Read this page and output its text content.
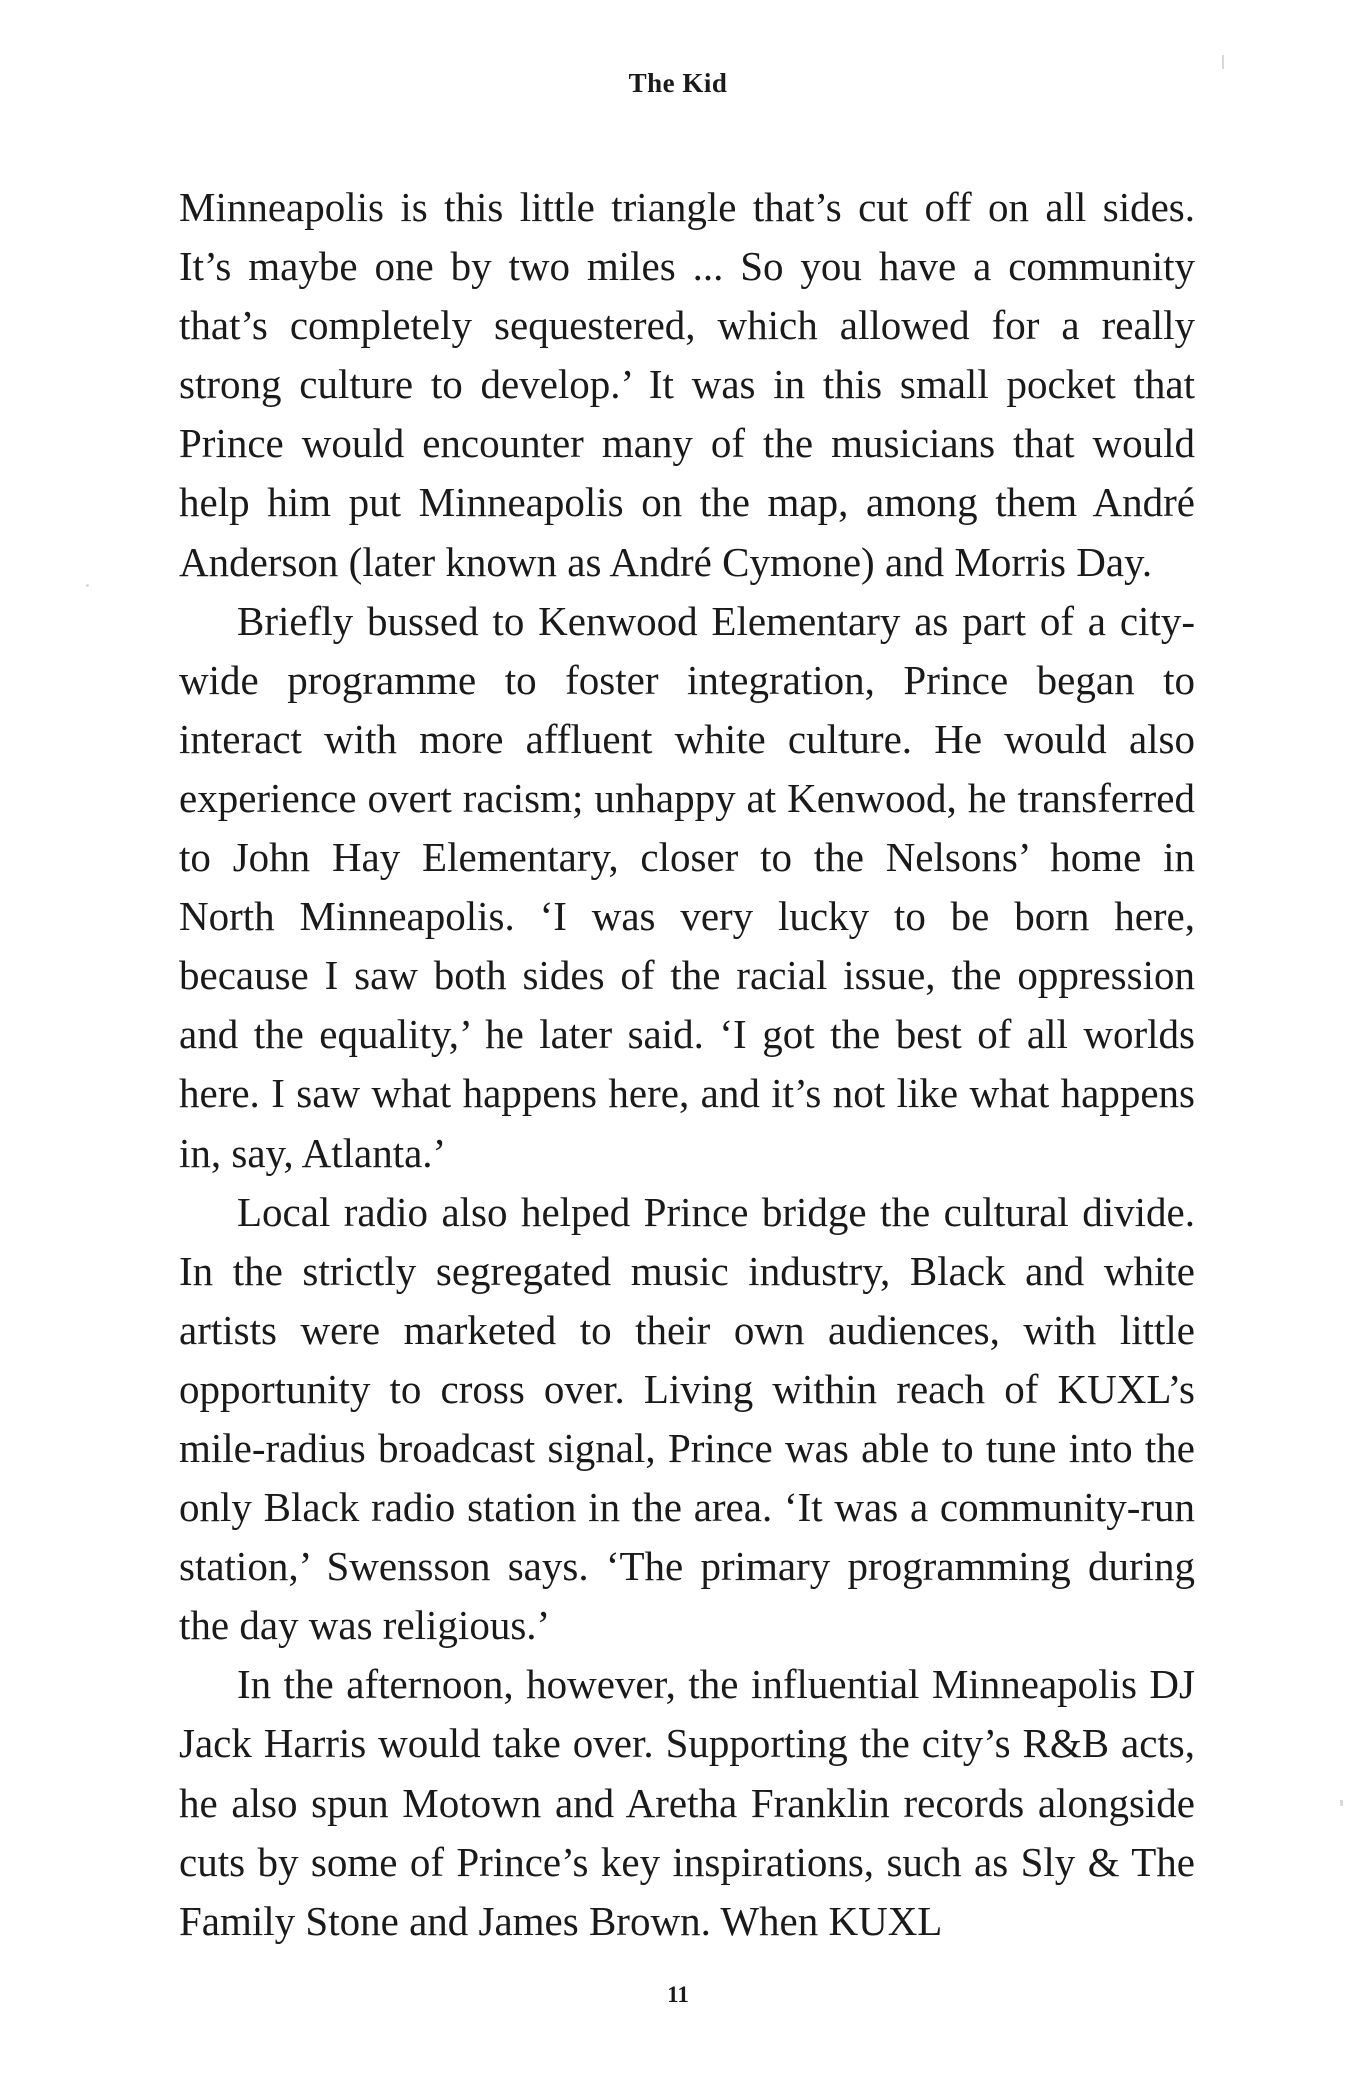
The Kid

Minneapolis is this little triangle that’s cut off on all sides. It’s maybe one by two miles ... So you have a community that’s completely sequestered, which allowed for a really strong culture to develop.’ It was in this small pocket that Prince would encounter many of the musicians that would help him put Minneapolis on the map, among them André Anderson (later known as André Cymone) and Morris Day.

Briefly bussed to Kenwood Elementary as part of a city-wide programme to foster integration, Prince began to interact with more affluent white culture. He would also experience overt racism; unhappy at Kenwood, he transferred to John Hay Elementary, closer to the Nelsons’ home in North Minneapolis. ‘I was very lucky to be born here, because I saw both sides of the racial issue, the oppression and the equality,’ he later said. ‘I got the best of all worlds here. I saw what happens here, and it’s not like what happens in, say, Atlanta.’

Local radio also helped Prince bridge the cultural divide. In the strictly segregated music industry, Black and white artists were marketed to their own audiences, with little opportunity to cross over. Living within reach of KUXL’s mile-radius broadcast signal, Prince was able to tune into the only Black radio station in the area. ‘It was a community-run station,’ Swensson says. ‘The primary programming during the day was religious.’

In the afternoon, however, the influential Minneapolis DJ Jack Harris would take over. Supporting the city’s R&B acts, he also spun Motown and Aretha Franklin records alongside cuts by some of Prince’s key inspirations, such as Sly & The Family Stone and James Brown. When KUXL

11
